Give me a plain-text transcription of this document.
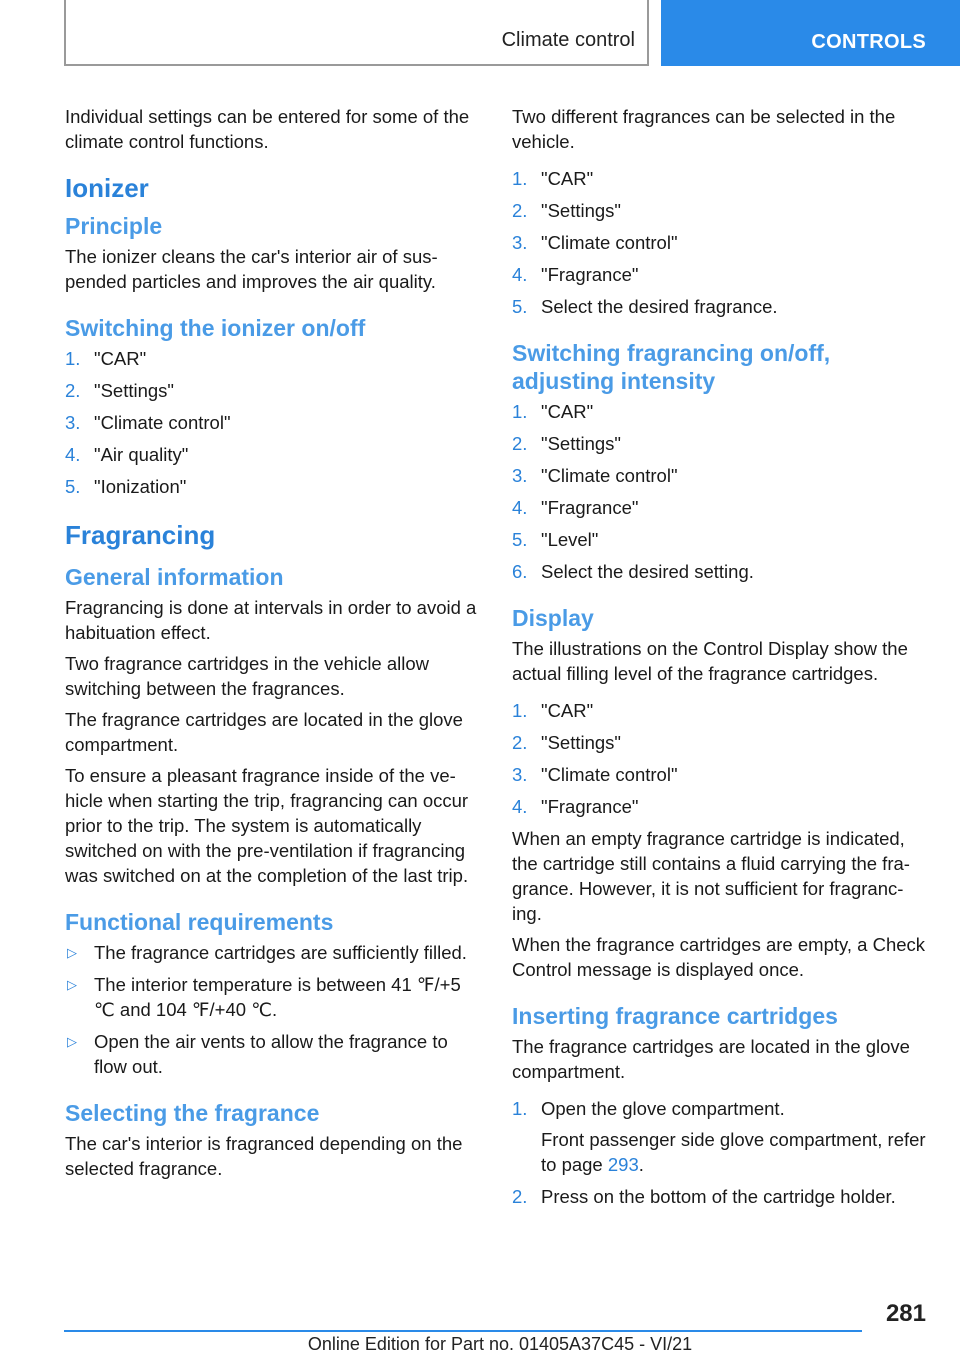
Climate control	CONTROLS

Individual settings can be entered for some of the climate control functions.

Ionizer
Principle

The ionizer cleans the car's interior air of suspended particles and improves the air quality.

Switching the ionizer on/off
1. "CAR"
2. "Settings"
3. "Climate control"
4. "Air quality"
5. "Ionization"
Fragrancing
General information

Fragrancing is done at intervals in order to avoid a habituation effect.

Two fragrance cartridges in the vehicle allow switching between the fragrances.

The fragrance cartridges are located in the glove compartment.

To ensure a pleasant fragrance inside of the vehicle when starting the trip, fragrancing can occur prior to the trip. The system is automatically switched on with the pre-ventilation if fragrancing was switched on at the completion of the last trip.

Functional requirements
▷ The fragrance cartridges are sufficiently filled.
▷ The interior temperature is between 41 ℉/+5 ℃ and 104 ℉/+40 ℃.
▷ Open the air vents to allow the fragrance to flow out.
Selecting the fragrance

The car's interior is fragranced depending on the selected fragrance.

Two different fragrances can be selected in the vehicle.

1. "CAR"
2. "Settings"
3. "Climate control"
4. "Fragrance"
5. Select the desired fragrance.
Switching fragrancing on/off, adjusting intensity
1. "CAR"
2. "Settings"
3. "Climate control"
4. "Fragrance"
5. "Level"
6. Select the desired setting.
Display

The illustrations on the Control Display show the actual filling level of the fragrance cartridges.

1. "CAR"
2. "Settings"
3. "Climate control"
4. "Fragrance"

When an empty fragrance cartridge is indicated, the cartridge still contains a fluid carrying the fragrance. However, it is not sufficient for fragrancing.

When the fragrance cartridges are empty, a Check Control message is displayed once.

Inserting fragrance cartridges

The fragrance cartridges are located in the glove compartment.

1. Open the glove compartment.
Front passenger side glove compartment, refer to page 293.
2. Press on the bottom of the cartridge holder.
281
Online Edition for Part no. 01405A37C45 - VI/21
